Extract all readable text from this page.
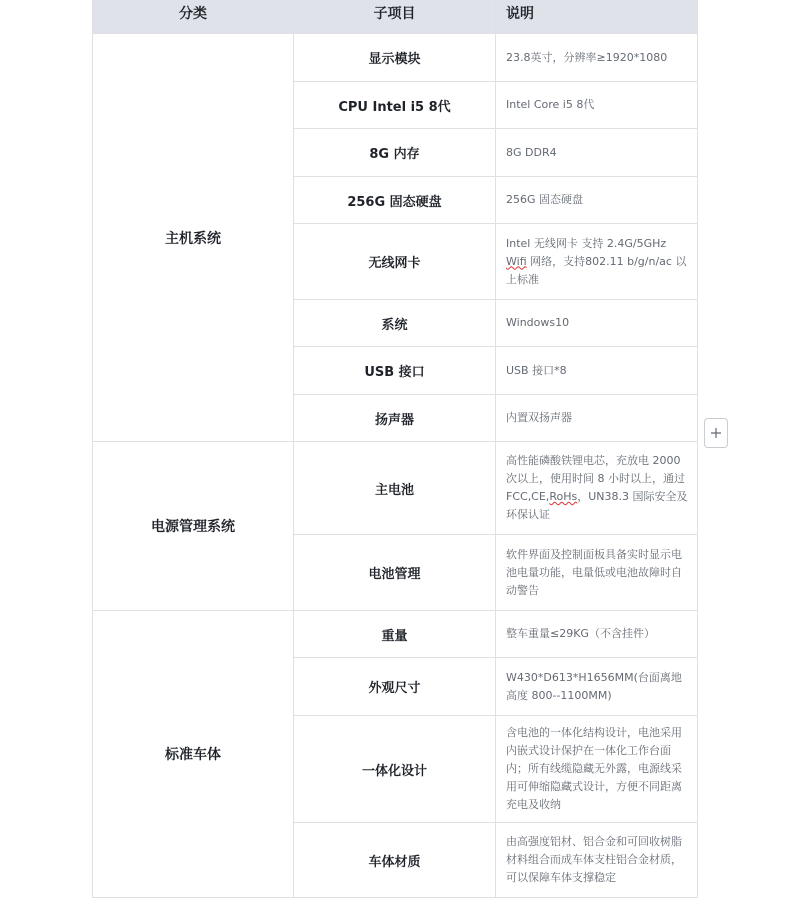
分类	子项目	说明
主机系统	显示模块	23.8英寸，分辨率≥1920*1080
	CPU Intel i5 8代	Intel Core i5 8代
	8G 内存	8G DDR4
	256G 固态硬盘	256G 固态硬盘
	无线网卡	Intel 无线网卡 支持 2.4G/5GHz Wifi 网络，支持802.11 b/g/n/ac 以上标准
	系统	Windows10
	USB 接口	USB 接口*8
	扬声器	内置双扬声器
电源管理系统	主电池	高性能磷酸铁锂电芯，充放电 2000 次以上，使用时间 8 小时以上，通过 FCC,CE,RoHs，UN38.3 国际安全及环保认证
	电池管理	软件界面及控制面板具备实时显示电池电量功能，电量低或电池故障时自动警告
标准车体	重量	整车重量≤29KG（不含挂件）
	外观尺寸	W430*D613*H1656MM(台面离地高度 800--1100MM)
	一体化设计	含电池的一体化结构设计，电池采用内嵌式设计保护在一体化工作台面内；所有线缆隐藏无外露，电源线采用可伸缩隐藏式设计，方便不同距离充电及收纳
	车体材质	由高强度铝材、铝合金和可回收树脂材料组合而成车体支柱铝合金材质，可以保障车体支撑稳定
